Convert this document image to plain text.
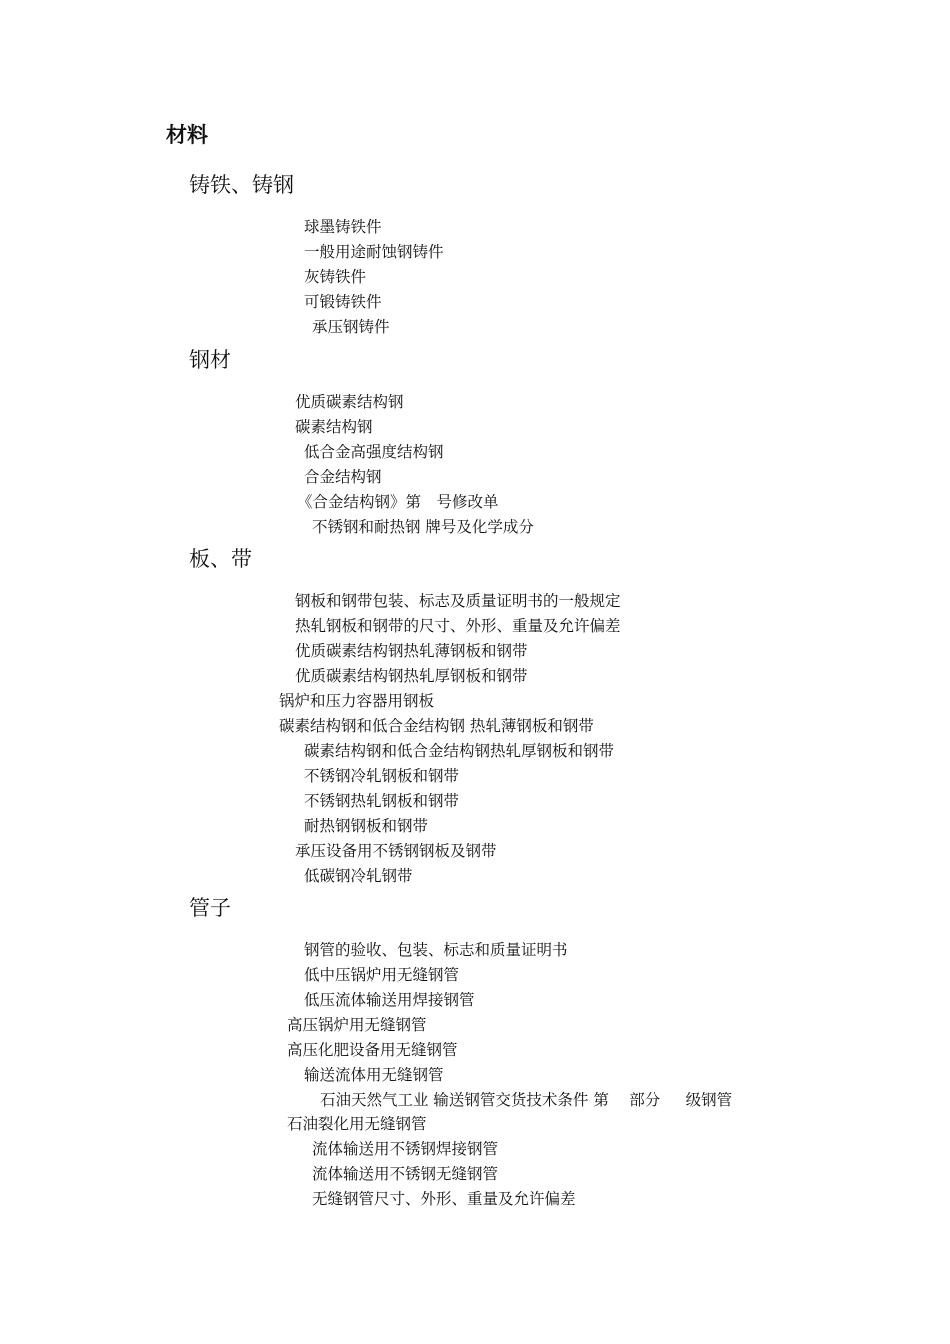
材料
铸铁、铸钢
球墨铸铁件
一般用途耐蚀钢铸件
灰铸铁件
可锻铸铁件
承压钢铸件
钢材
优质碳素结构钢
碳素结构钢
低合金高强度结构钢
合金结构钢
《合金结构钢》第　号修改单
不锈钢和耐热钢 牌号及化学成分
板、带
钢板和钢带包装、标志及质量证明书的一般规定
热轧钢板和钢带的尺寸、外形、重量及允许偏差
优质碳素结构钢热轧薄钢板和钢带
优质碳素结构钢热轧厚钢板和钢带
锅炉和压力容器用钢板
碳素结构钢和低合金结构钢 热轧薄钢板和钢带
碳素结构钢和低合金结构钢热轧厚钢板和钢带
不锈钢冷轧钢板和钢带
不锈钢热轧钢板和钢带
耐热钢钢板和钢带
承压设备用不锈钢钢板及钢带
低碳钢冷轧钢带
管子
钢管的验收、包装、标志和质量证明书
低中压锅炉用无缝钢管
低压流体输送用焊接钢管
高压锅炉用无缝钢管
高压化肥设备用无缝钢管
输送流体用无缝钢管
石油天然气工业 输送钢管交货技术条件 第　 部分 　 级钢管
石油裂化用无缝钢管
流体输送用不锈钢焊接钢管
流体输送用不锈钢无缝钢管
无缝钢管尺寸、外形、重量及允许偏差
